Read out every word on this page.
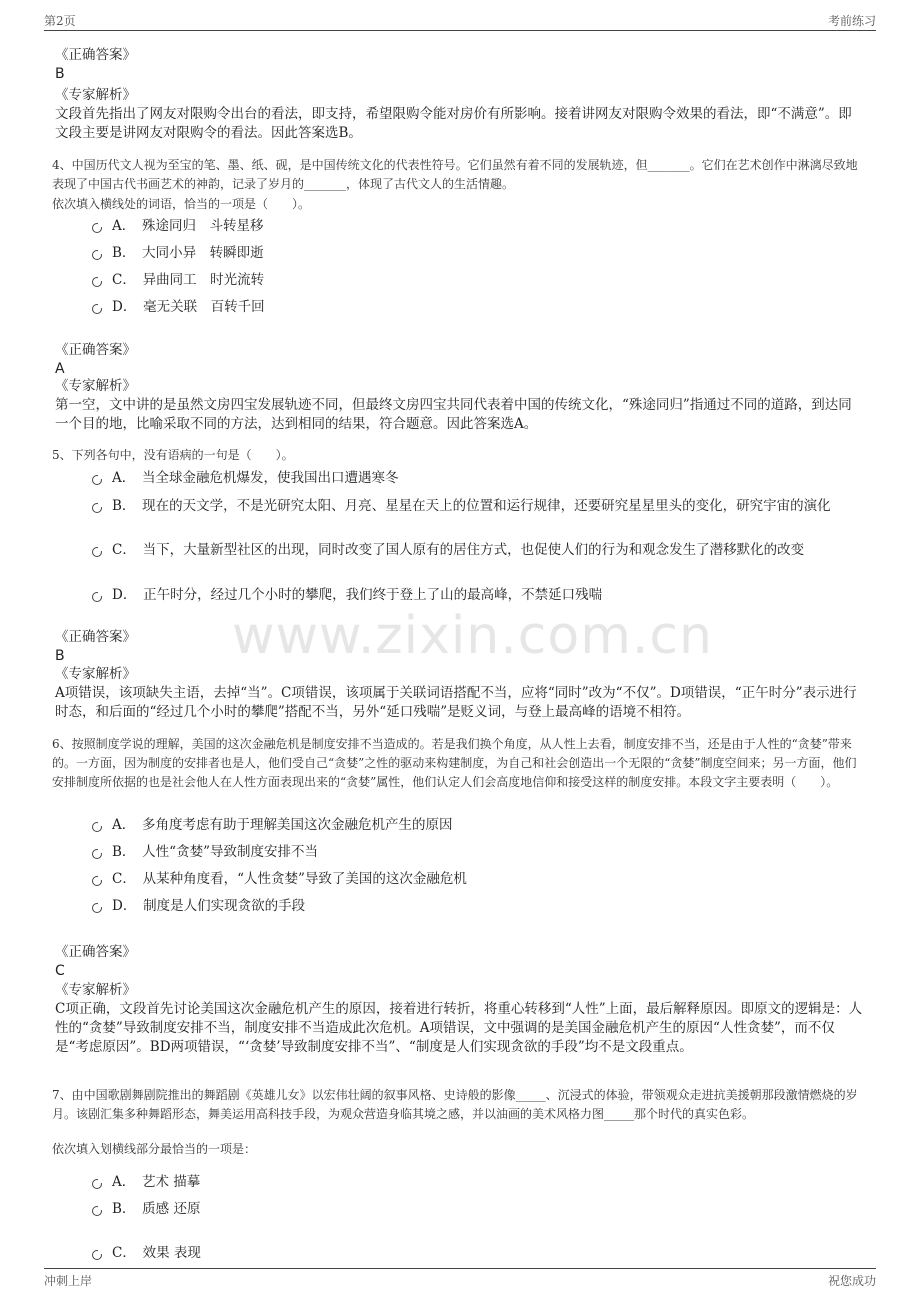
第2页	考前练习
www.zixin.com.cn
《正确答案》
B
《专家解析》
文段首先指出了网友对限购令出台的看法，即支持，希望限购令能对房价有所影响。接着讲网友对限购令效果的看法，即“不满意”。即文段主要是讲网友对限购令的看法。因此答案选B。
4、中国历代文人视为至宝的笔、墨、纸、砚，是中国传统文化的代表性符号。它们虽然有着不同的发展轨迹，但_______。它们在艺术创作中淋漓尽致地表现了中国古代书画艺术的神韵，记录了岁月的_______，体现了古代文人的生活情趣。
依次填入横线处的词语，恰当的一项是（　　）。
A．　殊途同归　斗转星移
B．　大同小异　转瞬即逝
C．　异曲同工　时光流转
D．　毫无关联　百转千回
《正确答案》
A
《专家解析》
第一空，文中讲的是虽然文房四宝发展轨迹不同，但最终文房四宝共同代表着中国的传统文化，“殊途同归”指通过不同的道路，到达同一个目的地，比喻采取不同的方法，达到相同的结果，符合题意。因此答案选A。
5、下列各句中，没有语病的一句是（　　）。
A．　当全球金融危机爆发，使我国出口遭遇寒冬
B．　现在的天文学，不是光研究太阳、月亮、星星在天上的位置和运行规律，还要研究星星里头的变化，研究宇宙的演化
C．　当下，大量新型社区的出现，同时改变了国人原有的居住方式，也促使人们的行为和观念发生了潜移默化的改变
D．　正午时分，经过几个小时的攀爬，我们终于登上了山的最高峰，不禁延口残喘
《正确答案》
B
《专家解析》
A项错误，该项缺失主语，去掉“当”。C项错误，该项属于关联词语搭配不当，应将“同时”改为“不仅”。D项错误，“正午时分”表示进行时态，和后面的“经过几个小时的攀爬”搭配不当，另外“延口残喘”是贬义词，与登上最高峰的语境不相符。
6、按照制度学说的理解，美国的这次金融危机是制度安排不当造成的。若是我们换个角度，从人性上去看，制度安排不当，还是由于人性的“贪婪”带来的。一方面，因为制度的安排者也是人，他们受自己“贪婪”之性的驱动来构建制度，为自己和社会创造出一个无限的“贪婪”制度空间来；另一方面，他们安排制度所依据的也是社会他人在人性方面表现出来的“贪婪”属性，他们认定人们会高度地信仰和接受这样的制度安排。本段文字主要表明（　　）。
A．　多角度考虑有助于理解美国这次金融危机产生的原因
B．　人性“贪婪”导致制度安排不当
C．　从某种角度看，“人性贪婪”导致了美国的这次金融危机
D．　制度是人们实现贪欲的手段
《正确答案》
C
《专家解析》
C项正确，文段首先讨论美国这次金融危机产生的原因，接着进行转折，将重心转移到“人性”上面，最后解释原因。即原文的逻辑是：人性的“贪婪”导致制度安排不当，制度安排不当造成此次危机。A项错误，文中强调的是美国金融危机产生的原因“人性贪婪”，而不仅是“考虑原因”。BD两项错误，“‘贪婪’导致制度安排不当”、“制度是人们实现贪欲的手段”均不是文段重点。
7、由中国歌剧舞剧院推出的舞蹈剧《英雄儿女》以宏伟壮阔的叙事风格、史诗般的影像_____、沉浸式的体验，带领观众走进抗美援朝那段激情燃烧的岁月。该剧汇集多种舞蹈形态，舞美运用高科技手段，为观众营造身临其境之感，并以油画的美术风格力图_____那个时代的真实色彩。
依次填入划横线部分最恰当的一项是：
A．　艺术 描摹
B．　质感 还原
C．　效果 表现
冲刺上岸	祝您成功
